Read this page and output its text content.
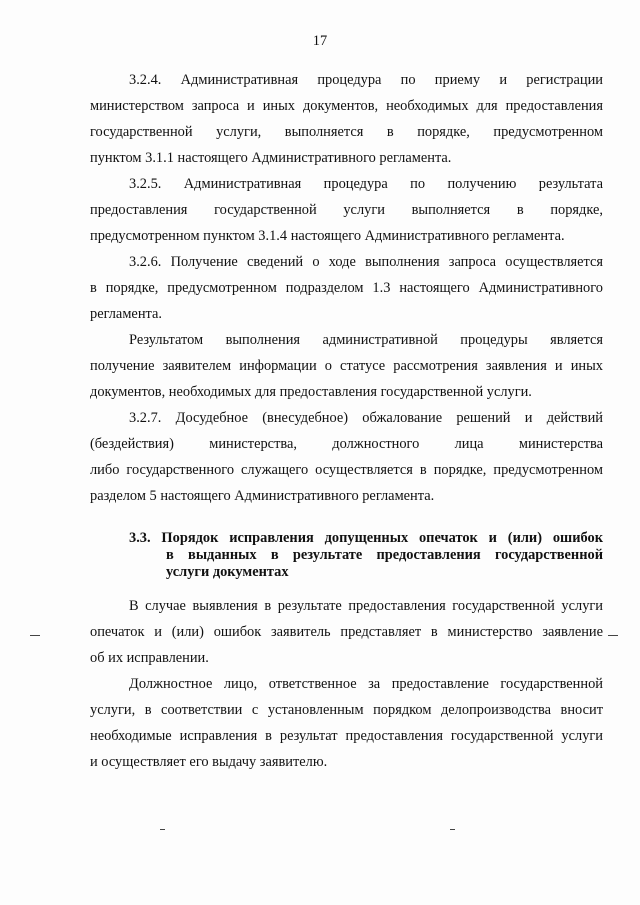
17
3.2.4. Административная процедура по приему и регистрации
министерством запроса и иных документов, необходимых для предоставления
государственной услуги, выполняется в порядке, предусмотренном
пунктом 3.1.1 настоящего Административного регламента.
3.2.5. Административная процедура по получению результата
предоставления государственной услуги выполняется в порядке,
предусмотренном пунктом 3.1.4 настоящего Административного регламента.
3.2.6. Получение сведений о ходе выполнения запроса осуществляется
в порядке, предусмотренном подразделом 1.3 настоящего Административного
регламента.
Результатом выполнения административной процедуры является
получение заявителем информации о статусе рассмотрения заявления и иных
документов, необходимых для предоставления государственной услуги.
3.2.7. Досудебное (внесудебное) обжалование решений и действий
(бездействия) министерства, должностного лица министерства
либо государственного служащего осуществляется в порядке, предусмотренном
разделом 5 настоящего Административного регламента.
3.3. Порядок исправления допущенных опечаток и (или) ошибок
в выданных в результате предоставления государственной
услуги документах
В случае выявления в результате предоставления государственной услуги
опечаток и (или) ошибок заявитель представляет в министерство заявление
об их исправлении.
Должностное лицо, ответственное за предоставление государственной
услуги, в соответствии с установленным порядком делопроизводства вносит
необходимые исправления в результат предоставления государственной услуги
и осуществляет его выдачу заявителю.
